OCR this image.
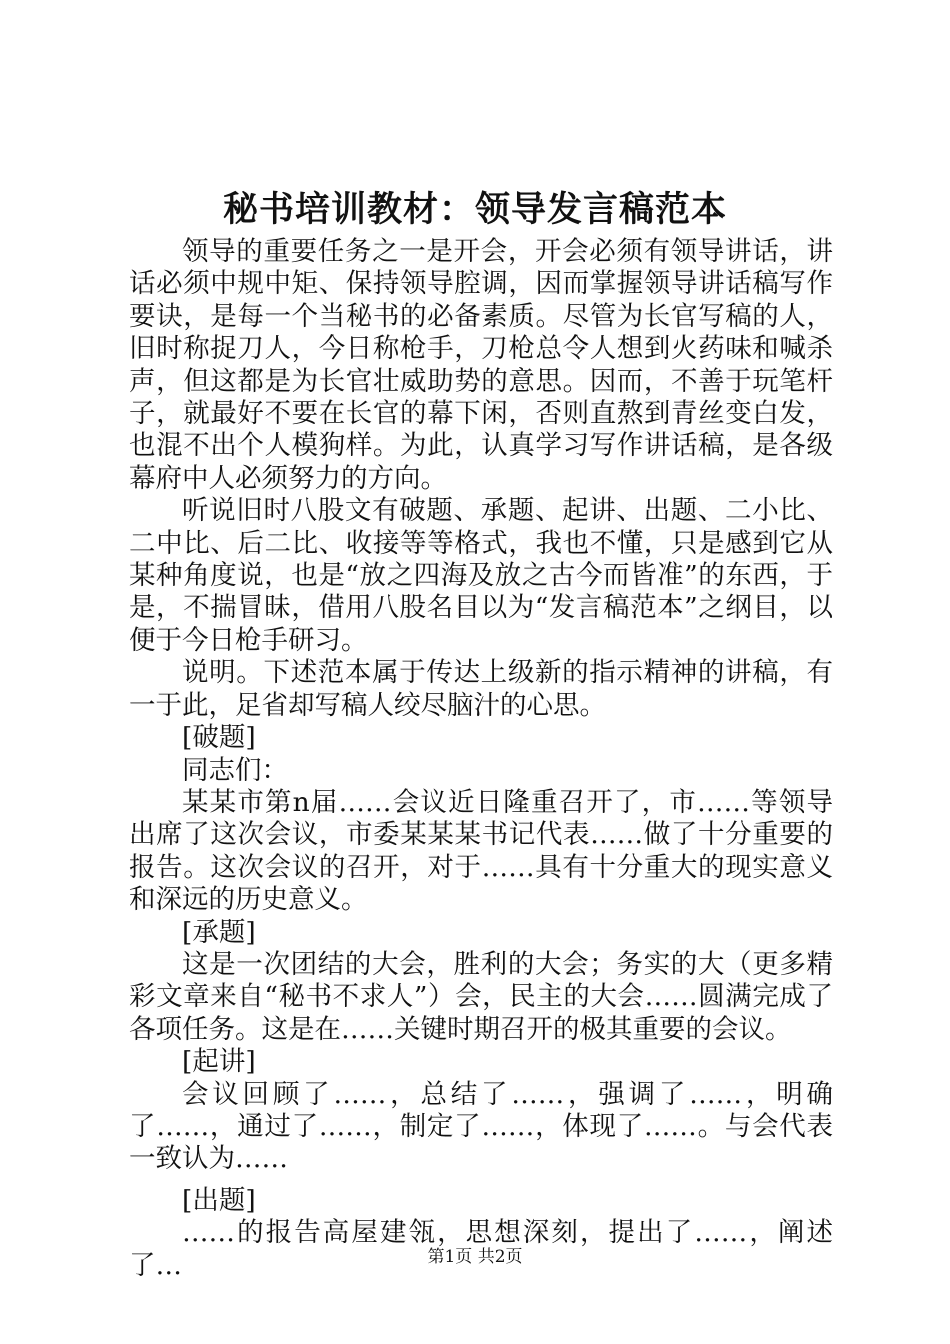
秘书培训教材：领导发言稿范本

领导的重要任务之一是开会，开会必须有领导讲话，讲话必须中规中矩、保持领导腔调，因而掌握领导讲话稿写作要诀，是每一个当秘书的必备素质。尽管为长官写稿的人，旧时称捉刀人，今日称枪手，刀枪总令人想到火药味和喊杀声，但这都是为长官壮威助势的意思。因而，不善于玩笔杆子，就最好不要在长官的幕下闲，否则直熬到青丝变白发，也混不出个人模狗样。为此，认真学习写作讲话稿，是各级幕府中人必须努力的方向。

听说旧时八股文有破题、承题、起讲、出题、二小比、二中比、后二比、收接等等格式，我也不懂，只是感到它从某种角度说，也是“放之四海及放之古今而皆准”的东西，于是，不揣冒昧，借用八股名目以为“发言稿范本”之纲目，以便于今日枪手研习。

说明。下述范本属于传达上级新的指示精神的讲稿，有一于此，足省却写稿人绞尽脑汁的心思。

[破题]

同志们：

某某市第n届……会议近日隆重召开了，市……等领导出席了这次会议，市委某某某书记代表……做了十分重要的报告。这次会议的召开，对于……具有十分重大的现实意义和深远的历史意义。

[承题]

这是一次团结的大会，胜利的大会；务实的大（更多精彩文章来自“秘书不求人”）会，民主的大会……圆满完成了各项任务。这是在……关键时期召开的极其重要的会议。

[起讲]

会议回顾了……，总结了……，强调了……，明确了……，通过了……，制定了……，体现了……。与会代表一致认为……

[出题]

……的报告高屋建瓴，思想深刻，提出了……，阐述了…	第1页 共2页
